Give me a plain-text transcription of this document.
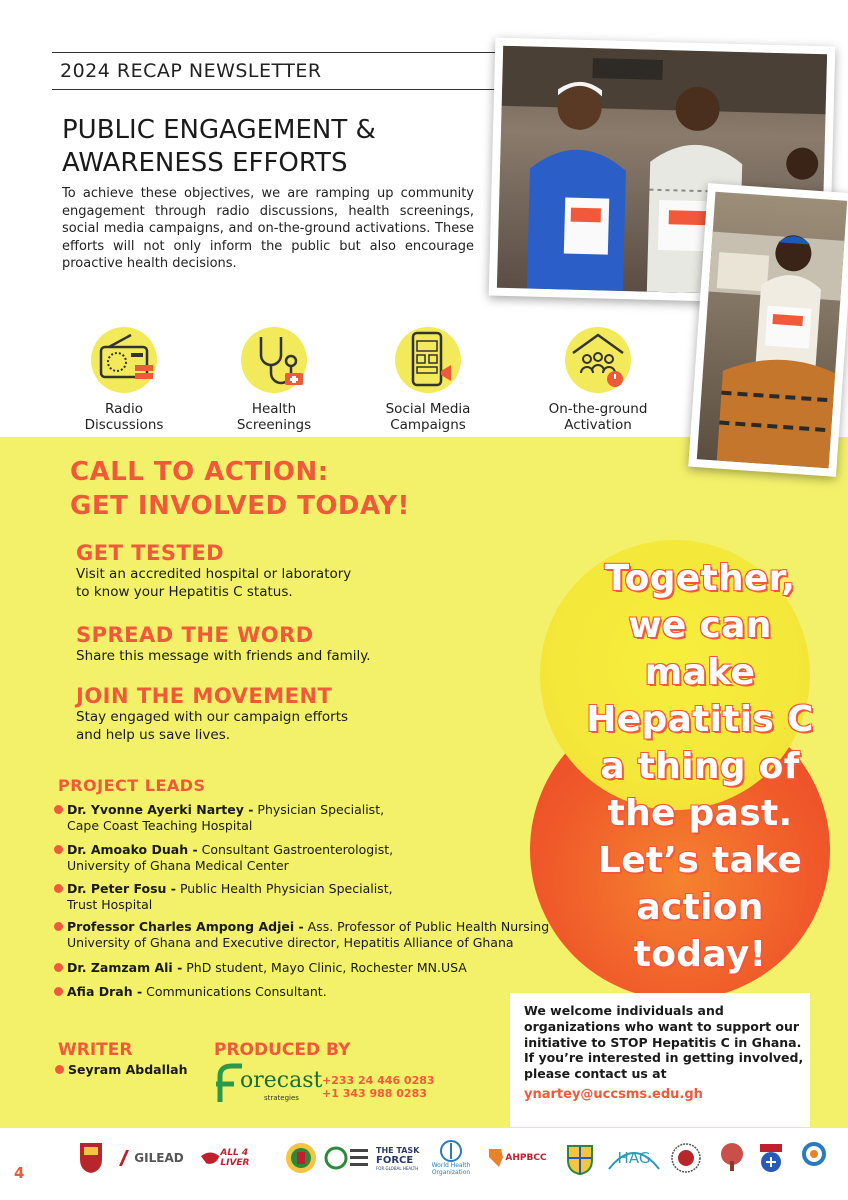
2024 RECAP NEWSLETTER
PUBLIC ENGAGEMENT &
AWARENESS EFFORTS
To achieve these objectives, we are ramping up community engagement through radio discussions, health screenings, social media campaigns, and on-the-ground activations. These efforts will not only inform the public but also encourage proactive health decisions.
Radio
Discussions
Health
Screenings
Social Media
Campaigns
On-the-ground
Activation
CALL TO ACTION:
GET INVOLVED TODAY!
GET TESTED
Visit an accredited hospital or laboratory
to know your Hepatitis C status.
SPREAD THE WORD
Share this message with friends and family.
JOIN THE MOVEMENT
Stay engaged with our campaign efforts
and help us save lives.
Together,
we can
make
Hepatitis C
a thing of
the past.
Let’s take
action
today!
PROJECT LEADS
Dr. Yvonne Ayerki Nartey - Physician Specialist,
Cape Coast Teaching Hospital
Dr. Amoako Duah - Consultant Gastroenterologist,
University of Ghana Medical Center
Dr. Peter Fosu - Public Health Physician Specialist,
Trust Hospital
Professor Charles Ampong Adjei - Ass. Professor of Public Health Nursing
University of Ghana and Executive director, Hepatitis Alliance of Ghana
Dr. Zamzam Ali - PhD student, Mayo Clinic, Rochester MN.USA
Afia Drah - Communications Consultant.
WRITER
Seyram Abdallah
PRODUCED BY
orecast
strategies
+233 24 446 0283
+1 343 988 0283
We welcome individuals and organizations who want to support our initiative to STOP Hepatitis C in Ghana. If you’re interested in getting involved, please contact us at
ynartey@uccsms.edu.gh
4
GILEAD	ALL 4 LIVER
THE TASK
FORCE
FOR GLOBAL HEALTH World Health
Organization
AHPBCC	HAG
